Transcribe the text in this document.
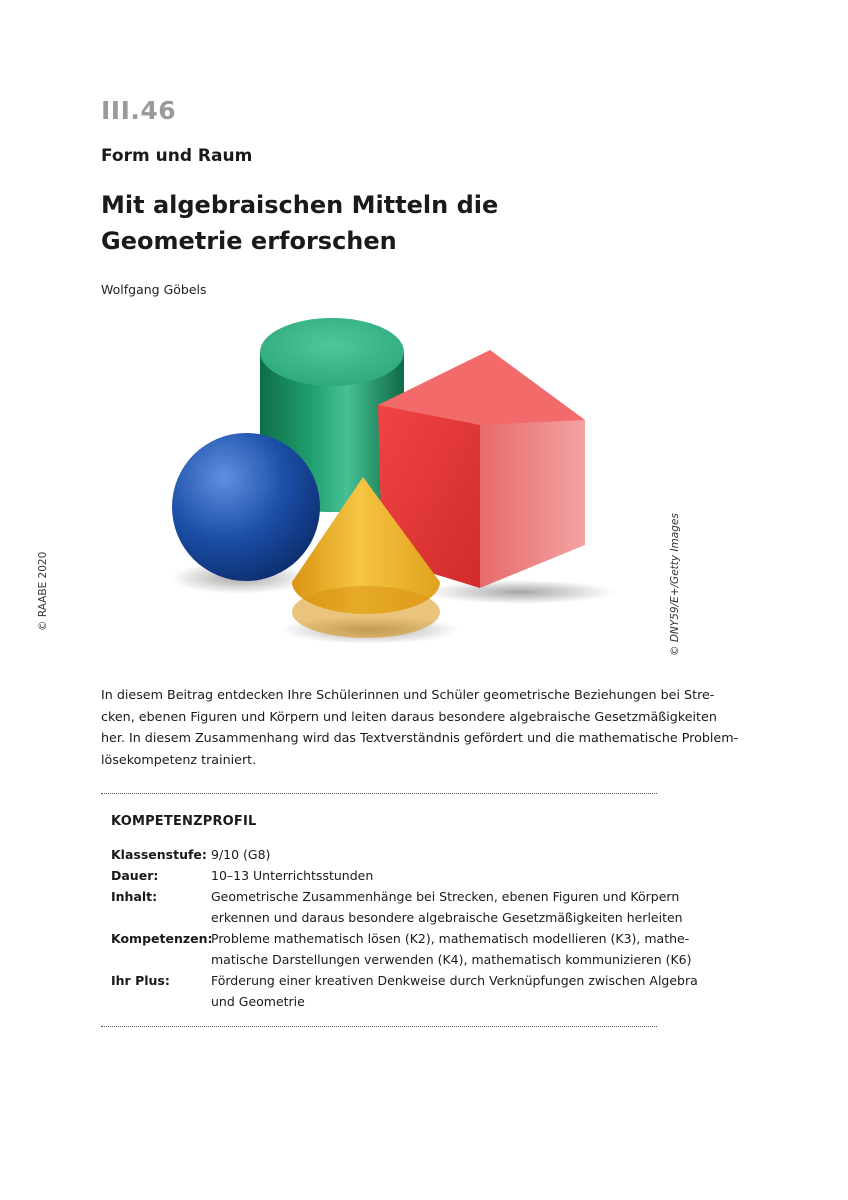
III.46
Form und Raum
Mit algebraischen Mitteln die
Geometrie erforschen
Wolfgang Göbels
© DNY59/E+/Getty Images
© RAABE 2020
In diesem Beitrag entdecken Ihre Schülerinnen und Schüler geometrische Beziehungen bei Stre-
cken, ebenen Figuren und Körpern und leiten daraus besondere algebraische Gesetzmäßigkeiten
her. In diesem Zusammenhang wird das Textverständnis gefördert und die mathematische Problem-
lösekompetenz trainiert.
KOMPETENZPROFIL
Klassenstufe: 9/10 (G8)
Dauer:	10–13 Unterrichtsstunden
Inhalt:	Geometrische Zusammenhänge bei Strecken, ebenen Figuren und Körpern
erkennen und daraus besondere algebraische Gesetzmäßigkeiten herleiten
Kompetenzen:
Probleme mathematisch lösen (K2), mathematisch modellieren (K3), mathe-
matische Darstellungen verwenden (K4), mathematisch kommunizieren (K6)
Ihr Plus:	Förderung einer kreativen Denkweise durch Verknüpfungen zwischen Algebra
und Geometrie
